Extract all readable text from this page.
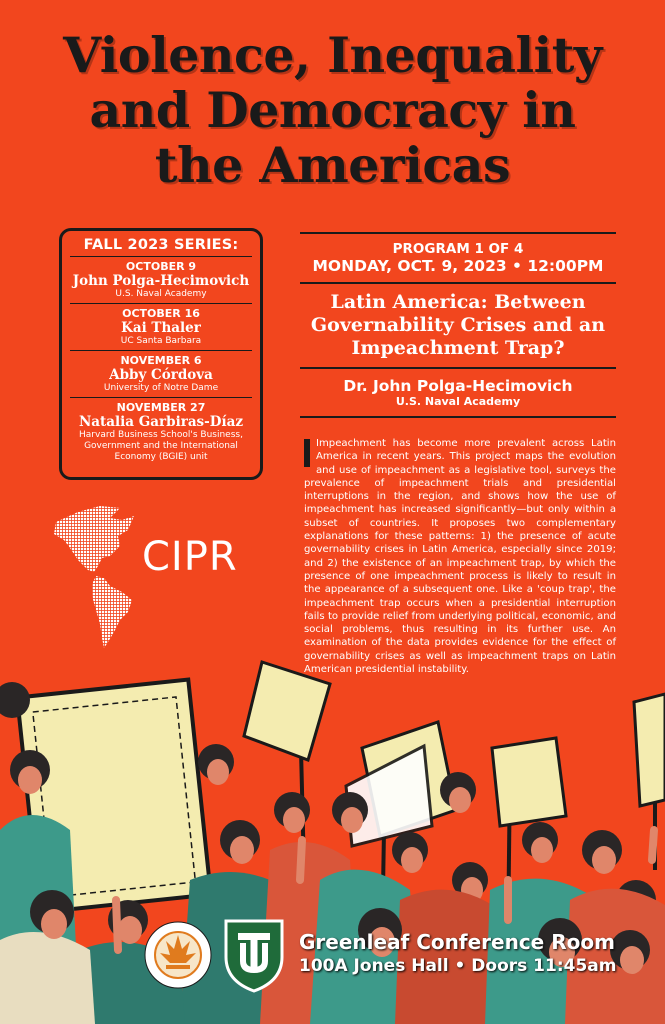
Violence, Inequality
and Democracy in
the Americas
FALL 2023 SERIES:
OCTOBER 9
John Polga-Hecimovich
U.S. Naval Academy
OCTOBER 16
Kai Thaler
UC Santa Barbara
NOVEMBER 6
Abby Córdova
University of Notre Dame
NOVEMBER 27
Natalia Garbiras-Díaz
Harvard Business School's Business, Government and the International Economy (BGIE) unit
CIPR
PROGRAM 1 OF 4
MONDAY, OCT. 9, 2023 • 12:00PM
Latin America: Between Governability Crises and an Impeachment Trap?
Dr. John Polga-Hecimovich
U.S. Naval Academy

Impeachment has become more prevalent across Latin America in recent years. This project maps the evolution and use of impeachment as a legislative tool, surveys the prevalence of impeachment trials and presidential interruptions in the region, and shows how the use of impeachment has increased significantly—but only within a subset of countries. It proposes two complementary explanations for these patterns: 1) the presence of acute governability crises in Latin America, especially since 2019; and 2) the existence of an impeachment trap, by which the presence of one impeachment process is likely to result in the appearance of a subsequent one. Like a 'coup trap', the impeachment trap occurs when a presidential interruption fails to provide relief from underlying political, economic, and social problems, thus resulting in its further use. An examination of the data provides evidence for the effect of governability crises as well as impeachment traps on Latin American presidential instability.

Greenleaf Conference Room
100A Jones Hall • Doors 11:45am
